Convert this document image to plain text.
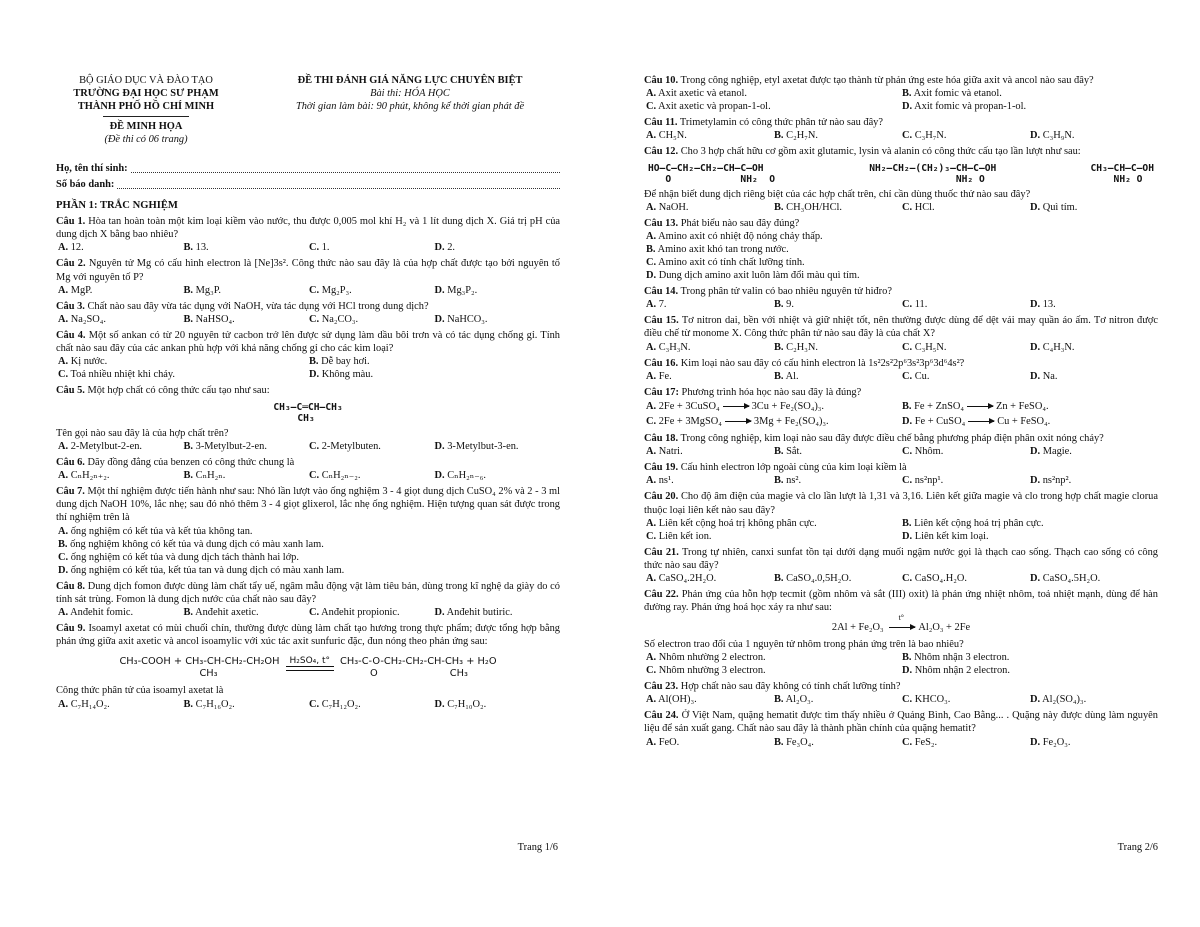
BỘ GIÁO DỤC VÀ ĐÀO TẠO
TRƯỜNG ĐẠI HỌC SƯ PHẠM
THÀNH PHỐ HỒ CHÍ MINH
ĐỀ MINH HỌA
(Đề thi có 06 trang)
ĐỀ THI ĐÁNH GIÁ NĂNG LỰC CHUYÊN BIỆT
Bài thi: HÓA HỌC
Thời gian làm bài: 90 phút, không kể thời gian phát đề
Họ, tên thí sinh:
Số báo danh:
PHẦN 1: TRẮC NGHIỆM
Câu 1. Hòa tan hoàn toàn một kim loại kiềm vào nước, thu được 0,005 mol khí H₂ và 1 lít dung dịch X. Giá trị pH của dung dịch X bằng bao nhiêu?
A. 12.	B. 13.	C. 1.	D. 2.
Câu 2. Nguyên tử Mg có cấu hình electron là [Ne]3s². Công thức nào sau đây là của hợp chất được tạo bởi nguyên tố Mg với nguyên tố P?
A. MgP.	B. Mg₃P.	C. Mg₂P₃.	D. Mg₃P₂.
Câu 3. Chất nào sau đây vừa tác dụng với NaOH, vừa tác dụng với HCl trong dung dịch?
A. Na₂SO₄.	B. NaHSO₄.	C. Na₂CO₃.	D. NaHCO₃.
Câu 4. Một số ankan có từ 20 nguyên tử cacbon trở lên được sử dụng làm dầu bôi trơn và có tác dụng chống gỉ. Tính chất nào sau đây của các ankan phù hợp với khả năng chống gỉ cho các kim loại?
A. Kị nước.	B. Dễ bay hơi.
C. Toả nhiều nhiệt khi cháy.	D. Không màu.
Câu 5. Một hợp chất có công thức cấu tạo như sau:
CH₃—C═CH—CH₃
CH₃
Tên gọi nào sau đây là của hợp chất trên?
A. 2-Metylbut-2-en.	B. 3-Metylbut-2-en.	C. 2-Metylbuten.	D. 3-Metylbut-3-en.
Câu 6. Dãy đồng đẳng của benzen có công thức chung là
A. CₙH₂ₙ₊₂.	B. CₙH₂ₙ.	C. CₙH₂ₙ₋₂.	D. CₙH₂ₙ₋₆.
Câu 7. Một thí nghiệm được tiến hành như sau: Nhỏ lần lượt vào ống nghiệm 3 - 4 giọt dung dịch CuSO₄ 2% và 2 - 3 ml dung dịch NaOH 10%, lắc nhẹ; sau đó nhỏ thêm 3 - 4 giọt glixerol, lắc nhẹ ống nghiệm. Hiện tượng quan sát được trong thí nghiệm trên là
A. ống nghiệm có kết tủa và kết tủa không tan.
B. ống nghiệm không có kết tủa và dung dịch có màu xanh lam.
C. ống nghiệm có kết tủa và dung dịch tách thành hai lớp.
D. ống nghiệm có kết tủa, kết tủa tan và dung dịch có màu xanh lam.
Câu 8. Dung dịch fomon được dùng làm chất tẩy uế, ngâm mẫu động vật làm tiêu bản, dùng trong kĩ nghệ da giày do có tính sát trùng. Fomon là dung dịch nước của chất nào sau đây?
A. Anđehit fomic.	B. Anđehit axetic.	C. Anđehit propionic.	D. Anđehit butiric.
Câu 9. Isoamyl axetat có mùi chuối chín, thường được dùng làm chất tạo hương trong thực phẩm; được tổng hợp bằng phản ứng giữa axit axetic và ancol isoamylic với xúc tác axit sunfuric đặc, đun nóng theo phản ứng sau:
CH₃-COOH + CH₃-CH-CH₂-CH₂OH
CH₃
H₂SO₄, t°	CH₃-C-O-CH₂-CH₂-CH-CH₃ + H₂O
O	CH₃
Công thức phân tử của isoamyl axetat là
A. C₇H₁₄O₂.	B. C₇H₁₆O₂.	C. C₇H₁₂O₂.	D. C₇H₁₀O₂.
Trang 1/6
Câu 10. Trong công nghiệp, etyl axetat được tạo thành từ phản ứng este hóa giữa axit và ancol nào sau đây?
A. Axit axetic và etanol.	B. Axit fomic và etanol.
C. Axit axetic và propan-1-ol.	D. Axit fomic và propan-1-ol.
Câu 11. Trimetylamin có công thức phân tử nào sau đây?
A. CH₅N.	B. C₂H₇N.	C. C₃H₇N.	D. C₃H₉N.
Câu 12. Cho 3 hợp chất hữu cơ gồm axit glutamic, lysin và alanin có công thức cấu tạo lần lượt như sau:
HO—C—CH₂—CH₂—CH—C—OH
O            NH₂  O
NH₂—CH₂—(CH₂)₃—CH—C—OH
NH₂ O
CH₃—CH—C—OH
NH₂ O
Để nhận biết dung dịch riêng biệt của các hợp chất trên, chỉ cần dùng thuốc thử nào sau đây?
A. NaOH.	B. CH₃OH/HCl.	C. HCl.	D. Quì tím.
Câu 13. Phát biểu nào sau đây đúng?
A. Amino axit có nhiệt độ nóng chảy thấp.
B. Amino axit khó tan trong nước.
C. Amino axit có tính chất lưỡng tính.
D. Dung dịch amino axit luôn làm đổi màu quì tím.
Câu 14. Trong phân tử valin có bao nhiêu nguyên tử hiđro?
A. 7.	B. 9.	C. 11.	D. 13.
Câu 15. Tơ nitron dai, bền với nhiệt và giữ nhiệt tốt, nên thường được dùng để dệt vải may quần áo ấm. Tơ nitron được điều chế từ monome X. Công thức phân tử nào sau đây là của chất X?
A. C₃H₃N.	B. C₂H₃N.	C. C₃H₅N.	D. C₄H₃N.
Câu 16. Kim loại nào sau đây có cấu hình electron là 1s²2s²2p⁶3s²3p⁶3d⁶4s²?
A. Fe.	B. Al.	C. Cu.	D. Na.
Câu 17: Phương trình hóa học nào sau đây là đúng?
A. 2Fe + 3CuSO₄	3Cu + Fe₂(SO₄)₃.	B. Fe + ZnSO₄	Zn + FeSO₄.
C. 2Fe + 3MgSO₄	3Mg + Fe₂(SO₄)₃.	D. Fe + CuSO₄	Cu + FeSO₄.
Câu 18. Trong công nghiệp, kim loại nào sau đây được điều chế bằng phương pháp điện phân oxit nóng chảy?
A. Natri.	B. Sắt.	C. Nhôm.	D. Magie.
Câu 19. Cấu hình electron lớp ngoài cùng của kim loại kiềm là
A. ns¹.	B. ns².	C. ns²np¹.	D. ns²np².
Câu 20. Cho độ âm điện của magie và clo lần lượt là 1,31 và 3,16. Liên kết giữa magie và clo trong hợp chất magie clorua thuộc loại liên kết nào sau đây?
A. Liên kết cộng hoá trị không phân cực.	B. Liên kết cộng hoá trị phân cực.
C. Liên kết ion.	D. Liên kết kim loại.
Câu 21. Trong tự nhiên, canxi sunfat tồn tại dưới dạng muối ngậm nước gọi là thạch cao sống. Thạch cao sống có công thức nào sau đây?
A. CaSO₄.2H₂O.	B. CaSO₄.0,5H₂O.	C. CaSO₄.H₂O.	D. CaSO₄.5H₂O.
Câu 22. Phản ứng của hỗn hợp tecmit (gồm nhôm và sắt (III) oxit) là phản ứng nhiệt nhôm, toả nhiệt mạnh, dùng để hàn đường ray. Phản ứng hoá học xảy ra như sau:
2Al + Fe₂O₃
t°
Al₂O₃ + 2Fe
Số electron trao đổi của 1 nguyên tử nhôm trong phản ứng trên là bao nhiêu?
A. Nhôm nhường 2 electron.	B. Nhôm nhận 3 electron.
C. Nhôm nhường 3 electron.	D. Nhôm nhận 2 electron.
Câu 23. Hợp chất nào sau đây không có tính chất lưỡng tính?
A. Al(OH)₃.	B. Al₂O₃.	C. KHCO₃.	D. Al₂(SO₄)₃.
Câu 24. Ở Việt Nam, quặng hematit được tìm thấy nhiều ở Quảng Bình, Cao Bằng... . Quặng này được dùng làm nguyên liệu để sản xuất gang. Chất nào sau đây là thành phần chính của quặng hematit?
A. FeO.	B. Fe₃O₄.	C. FeS₂.	D. Fe₂O₃.
Trang 2/6
